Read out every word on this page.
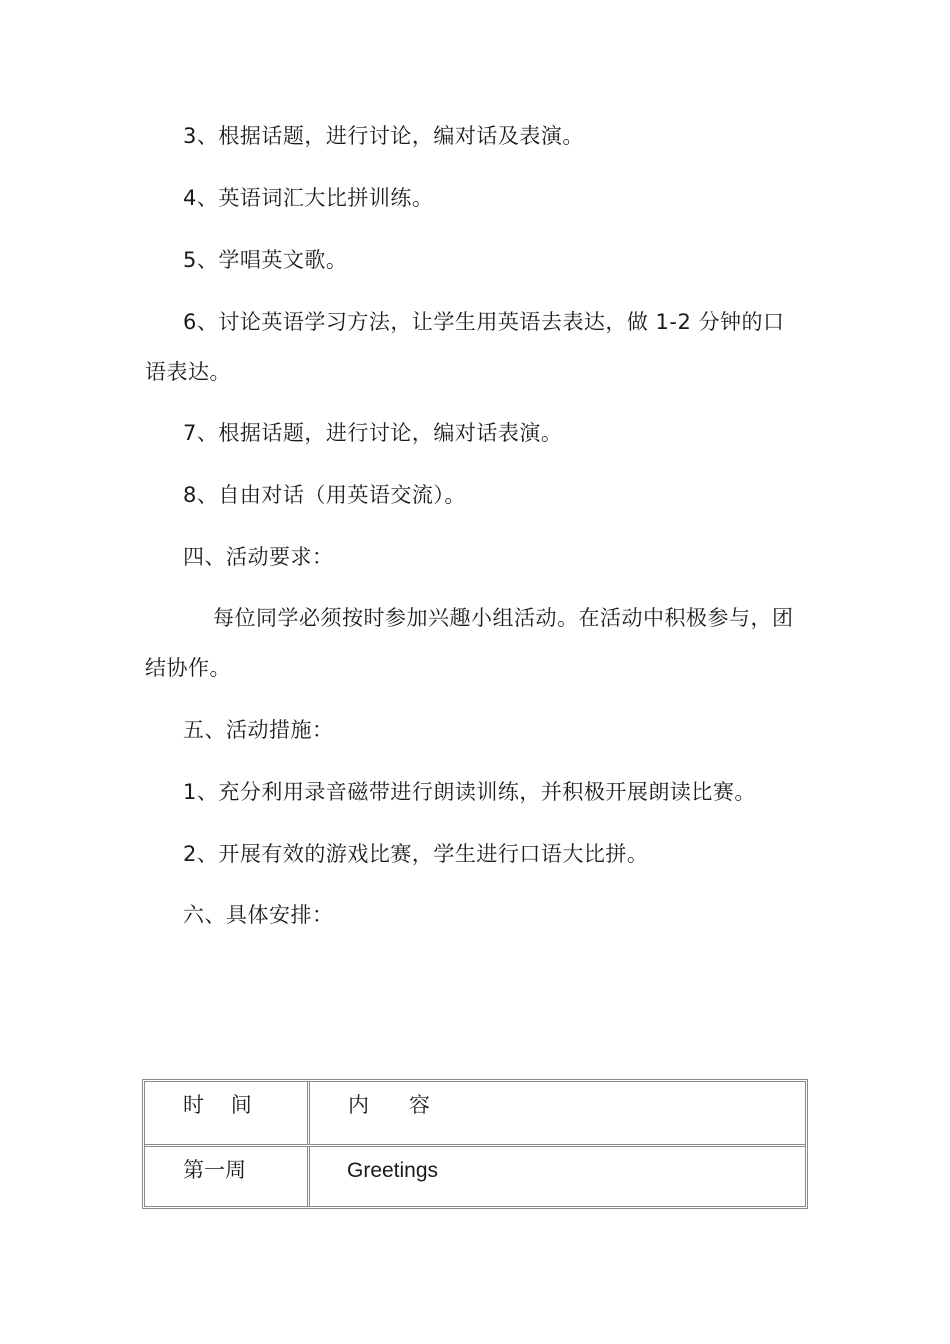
3、根据话题，进行讨论，编对话及表演。
4、英语词汇大比拼训练。
5、学唱英文歌。
6、讨论英语学习方法，让学生用英语去表达，做 1-2 分钟的口
语表达。
7、根据话题，进行讨论，编对话表演。
8、自由对话（用英语交流）。
四、活动要求：
每位同学必须按时参加兴趣小组活动。在活动中积极参与，团
结协作。
五、活动措施：
1、充分利用录音磁带进行朗读训练，并积极开展朗读比赛。
2、开展有效的游戏比赛，学生进行口语大比拼。
六、具体安排：
时    间	内      容
第一周	Greetings
